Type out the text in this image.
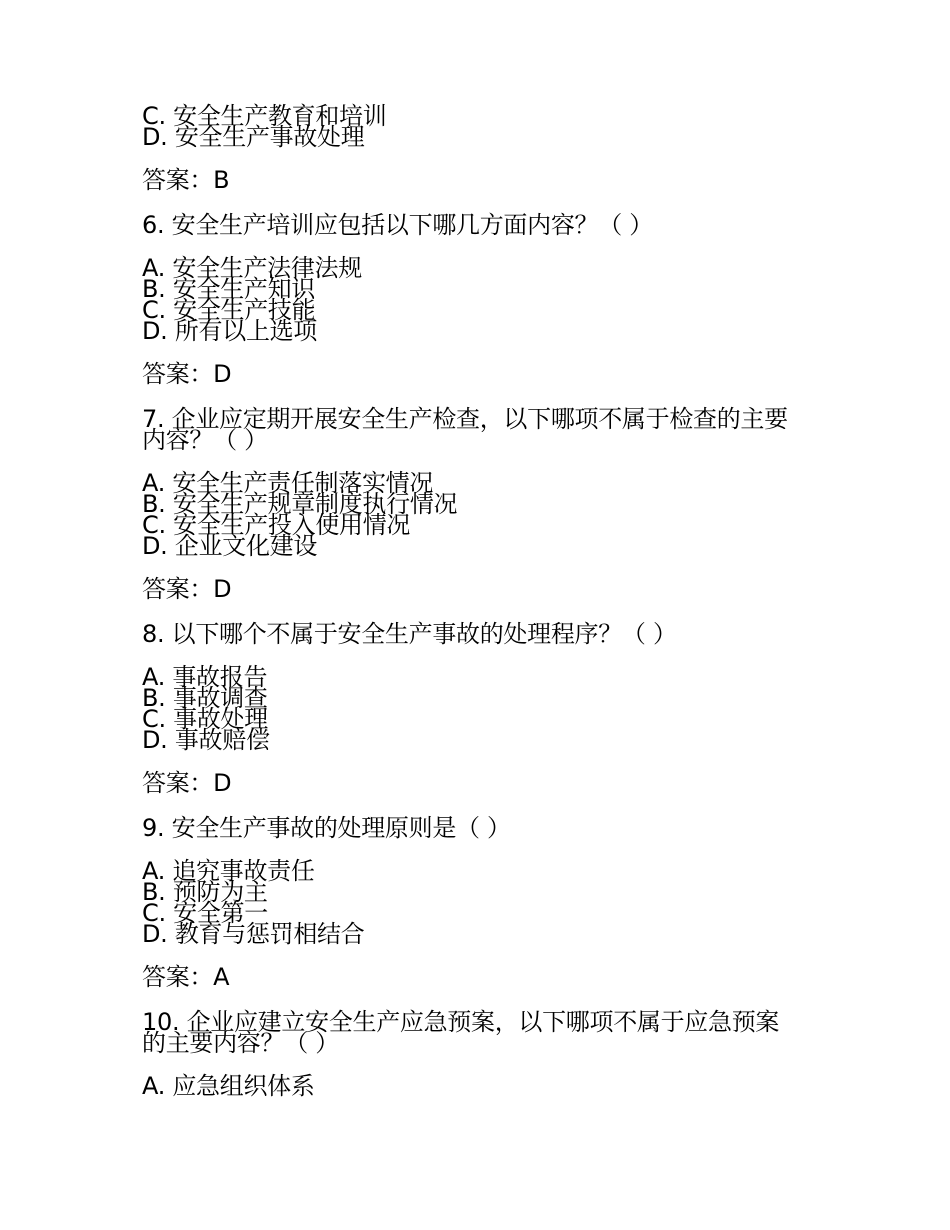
C. 安全生产教育和培训
D. 安全生产事故处理
答案：B
6. 安全生产培训应包括以下哪几方面内容？（ ）
A. 安全生产法律法规
B. 安全生产知识
C. 安全生产技能
D. 所有以上选项
答案：D
7. 企业应定期开展安全生产检查，以下哪项不属于检查的主要内容？（ ）
A. 安全生产责任制落实情况
B. 安全生产规章制度执行情况
C. 安全生产投入使用情况
D. 企业文化建设
答案：D
8. 以下哪个不属于安全生产事故的处理程序？（ ）
A. 事故报告
B. 事故调查
C. 事故处理
D. 事故赔偿
答案：D
9. 安全生产事故的处理原则是（ ）
A. 追究事故责任
B. 预防为主
C. 安全第一
D. 教育与惩罚相结合
答案：A
10. 企业应建立安全生产应急预案，以下哪项不属于应急预案的主要内容？（ ）
A. 应急组织体系
